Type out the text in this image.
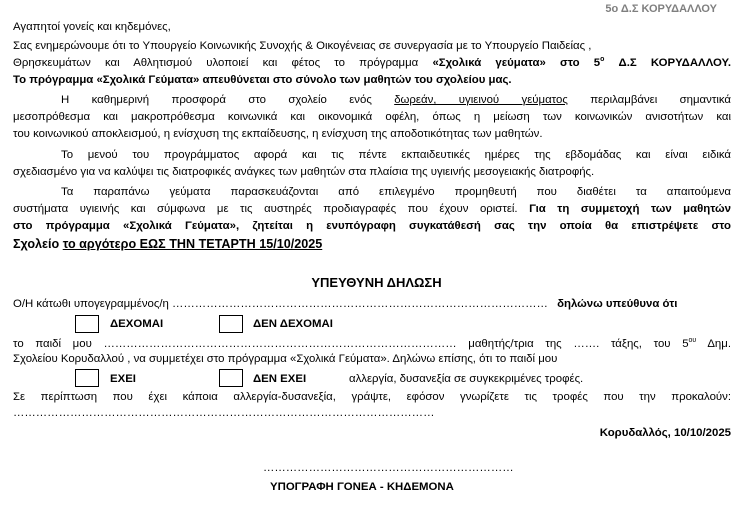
5ο Δ.Σ ΚΟΡΥΔΑΛΛΟΥ
Αγαπητοί γονείς και κηδεμόνες,
Σας ενημερώνουμε ότι το Υπουργείο Κοινωνικής Συνοχής & Οικογένειας σε συνεργασία με το Υπουργείο Παιδείας ,
Θρησκευμάτων και Αθλητισμού υλοποιεί και φέτος το πρόγραμμα «Σχολικά γεύματα» στο $5^o$ Δ.Σ ΚΟΡΥΔΑΛΛΟΥ.
Το πρόγραμμα «Σχολικά Γεύματα» απευθύνεται στο σύνολο των μαθητών του σχολείου μας.
Η καθημερινή προσφορά στο σχολείο ενός δωρεάν, υγιεινού γεύματος περιλαμβάνει σημαντικά
μεσοπρόθεσμα και μακροπρόθεσμα κοινωνικά και οικονομικά οφέλη, όπως η μείωση των κοινωνικών ανισοτήτων και
του κοινωνικού αποκλεισμού, η ενίσχυση της εκπαίδευσης, η ενίσχυση της αποδοτικότητας των μαθητών.
Το μενού του προγράμματος αφορά και τις πέντε εκπαιδευτικές ημέρες της εβδομάδας και είναι ειδικά
σχεδιασμένο για να καλύψει τις διατροφικές ανάγκες των μαθητών στα πλαίσια της υγιεινής μεσογειακής διατροφής.
Τα παραπάνω γεύματα παρασκευάζονται από επιλεγμένο προμηθευτή που διαθέτει τα απαιτούμενα
συστήματα υγιεινής και σύμφωνα με τις αυστηρές προδιαγραφές που έχουν οριστεί. Για τη συμμετοχή των μαθητών
στο πρόγραμμα «Σχολικά Γεύματα», ζητείται η ενυπόγραφη συγκατάθεσή σας την οποία θα επιστρέψετε στο
Σχολείο το αργότερο ΕΩΣ ΤΗΝ ΤΕΤΑΡΤΗ 15/10/2025
ΥΠΕΥΘΥΝΗ ΔΗΛΩΣΗ
Ο/Η κάτωθι υπογεγραμμένος/η ……………………………………………………………………………………… δηλώνω υπεύθυνα ότι
ΔΕΧΟΜΑΙ	ΔΕΝ ΔΕΧΟΜΑΙ
το παιδί μου ………………………………………………………………………………… μαθητής/τρια της ……. τάξης, του $5^{o\upsilon}$ Δημ.
Σχολείου Κορυδαλλού , να συμμετέχει στο πρόγραμμα «Σχολικά Γεύματα». Δηλώνω επίσης, ότι το παιδί μου
ΕΧΕΙ	ΔΕΝ ΕΧΕΙ	αλλεργία, δυσανεξία σε συγκεκριμένες τροφές.
Σε περίπτωση που έχει κάποια αλλεργία-δυσανεξία, γράψτε, εφόσον γνωρίζετε τις τροφές που την προκαλούν:
…………………………………………………………………………………………………
Κορυδαλλός, 10/10/2025
…………………………………………………………
ΥΠΟΓΡΑΦΗ ΓΟΝΕΑ - ΚΗΔΕΜΟΝΑ
